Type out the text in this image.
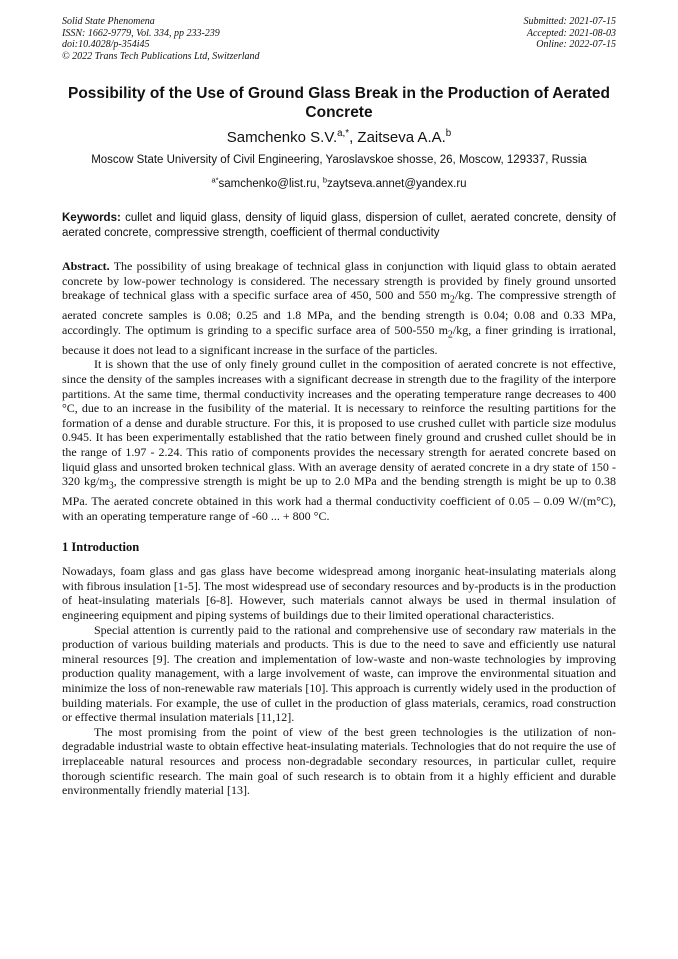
Solid State Phenomena
ISSN: 1662-9779, Vol. 334, pp 233-239
doi:10.4028/p-354i45
© 2022 Trans Tech Publications Ltd, Switzerland
Submitted: 2021-07-15
Accepted: 2021-08-03
Online: 2022-07-15
Possibility of the Use of Ground Glass Break in the Production of Aerated Concrete
Samchenko S.V.$^{a,*}$, Zaitseva A.A.$^b$
Moscow State University of Civil Engineering, Yaroslavskoe shosse, 26, Moscow, 129337, Russia
$^{a*}$samchenko@list.ru, $^b$zaytseva.annet@yandex.ru
Keywords: cullet and liquid glass, density of liquid glass, dispersion of cullet, aerated concrete, density of aerated concrete, compressive strength, coefficient of thermal conductivity

Abstract. The possibility of using breakage of technical glass in conjunction with liquid glass to obtain aerated concrete by low-power technology is considered. The necessary strength is provided by finely ground unsorted breakage of technical glass with a specific surface area of 450, 500 and 550 $m_2/kg$. The compressive strength of aerated concrete samples is 0.08; 0.25 and 1.8 MPa, and the bending strength is 0.04; 0.08 and 0.33 MPa, accordingly. The optimum is grinding to a specific surface area of 500-550 $m_2/kg$, a finer grinding is irrational, because it does not lead to a significant increase in the surface of the particles.

It is shown that the use of only finely ground cullet in the composition of aerated concrete is not effective, since the density of the samples increases with a significant decrease in strength due to the fragility of the interpore partitions. At the same time, thermal conductivity increases and the operating temperature range decreases to 400 °C, due to an increase in the fusibility of the material. It is necessary to reinforce the resulting partitions for the formation of a dense and durable structure. For this, it is proposed to use crushed cullet with particle size modulus 0.945. It has been experimentally established that the ratio between finely ground and crushed cullet should be in the range of 1.97 - 2.24. This ratio of components provides the necessary strength for aerated concrete based on liquid glass and unsorted broken technical glass. With an average density of aerated concrete in a dry state of 150 - 320 $kg/m_3$, the compressive strength is might be up to 2.0 MPa and the bending strength is might be up to 0.38 MPa. The aerated concrete obtained in this work had a thermal conductivity coefficient of 0.05 – 0.09 W/(m°C), with an operating temperature range of -60 ... + 800 °C.

1 Introduction

Nowadays, foam glass and gas glass have become widespread among inorganic heat-insulating materials along with fibrous insulation [1-5]. The most widespread use of secondary resources and by-products is in the production of heat-insulating materials [6-8]. However, such materials cannot always be used in thermal insulation of engineering equipment and piping systems of buildings due to their limited operational characteristics.

Special attention is currently paid to the rational and comprehensive use of secondary raw materials in the production of various building materials and products. This is due to the need to save and efficiently use natural mineral resources [9]. The creation and implementation of low-waste and non-waste technologies by improving production quality management, with a large involvement of waste, can improve the environmental situation and minimize the loss of non-renewable raw materials [10]. This approach is currently widely used in the production of building materials. For example, the use of cullet in the production of glass materials, ceramics, road construction or effective thermal insulation materials [11,12].

The most promising from the point of view of the best green technologies is the utilization of non-degradable industrial waste to obtain effective heat-insulating materials. Technologies that do not require the use of irreplaceable natural resources and process non-degradable secondary resources, in particular cullet, require thorough scientific research. The main goal of such research is to obtain from it a highly efficient and durable environmentally friendly material [13].
